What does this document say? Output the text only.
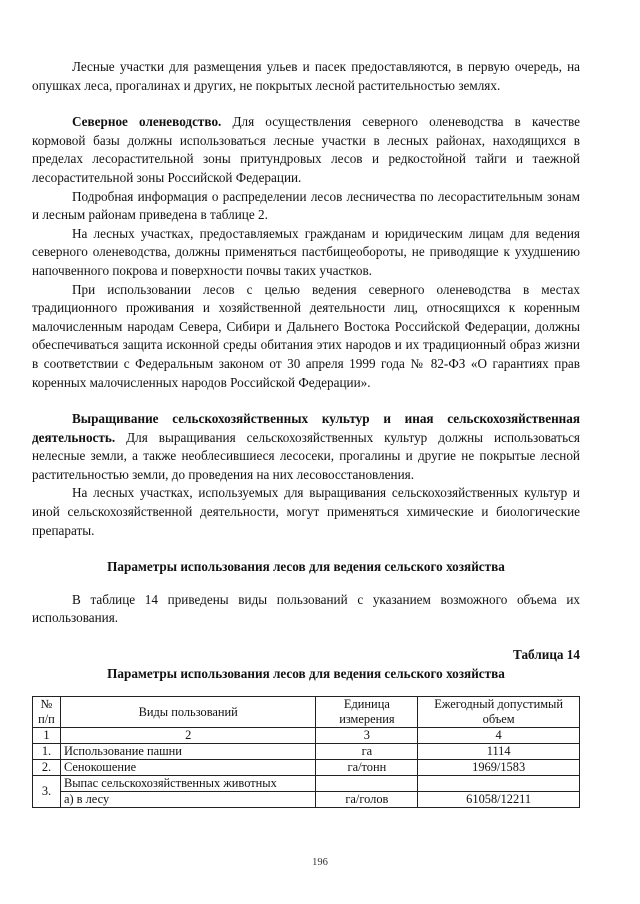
Лесные участки для размещения ульев и пасек предоставляются, в первую очередь, на опушках леса, прогалинах и других, не покрытых лесной растительностью землях.

Северное оленеводство. Для осуществления северного оленеводства в качестве кормовой базы должны использоваться лесные участки в лесных районах, находящихся в пределах лесорастительной зоны притундровых лесов и редкостойной тайги и таежной лесорастительной зоны Российской Федерации.

Подробная информация о распределении лесов лесничества по лесорастительным зонам и лесным районам приведена в таблице 2.

На лесных участках, предоставляемых гражданам и юридическим лицам для ведения северного оленеводства, должны применяться пастбищеобороты, не приводящие к ухудшению напочвенного покрова и поверхности почвы таких участков.

При использовании лесов с целью ведения северного оленеводства в местах традиционного проживания и хозяйственной деятельности лиц, относящихся к коренным малочисленным народам Севера, Сибири и Дальнего Востока Российской Федерации, должны обеспечиваться защита исконной среды обитания этих народов и их традиционный образ жизни в соответствии с Федеральным законом от 30 апреля 1999 года № 82-ФЗ «О гарантиях прав коренных малочисленных народов Российской Федерации».

Выращивание сельскохозяйственных культур и иная сельскохозяйственная деятельность. Для выращивания сельскохозяйственных культур должны использоваться нелесные земли, а также необлесившиеся лесосеки, прогалины и другие не покрытые лесной растительностью земли, до проведения на них лесовосстановления.

На лесных участках, используемых для выращивания сельскохозяйственных культур и иной сельскохозяйственной деятельности, могут применяться химические и биологические препараты.

Параметры использования лесов для ведения сельского хозяйства

В таблице 14 приведены виды пользований с указанием возможного объема их использования.

Таблица 14

Параметры использования лесов для ведения сельского хозяйства

№ п/п	Виды пользований	Единица измерения	Ежегодный допустимый объем
1	2	3	4
1.	Использование пашни	га	1114
2.	Сенокошение	га/тонн	1969/1583
3.	Выпас сельскохозяйственных животных		
	а) в лесу	га/голов	61058/12211
196
